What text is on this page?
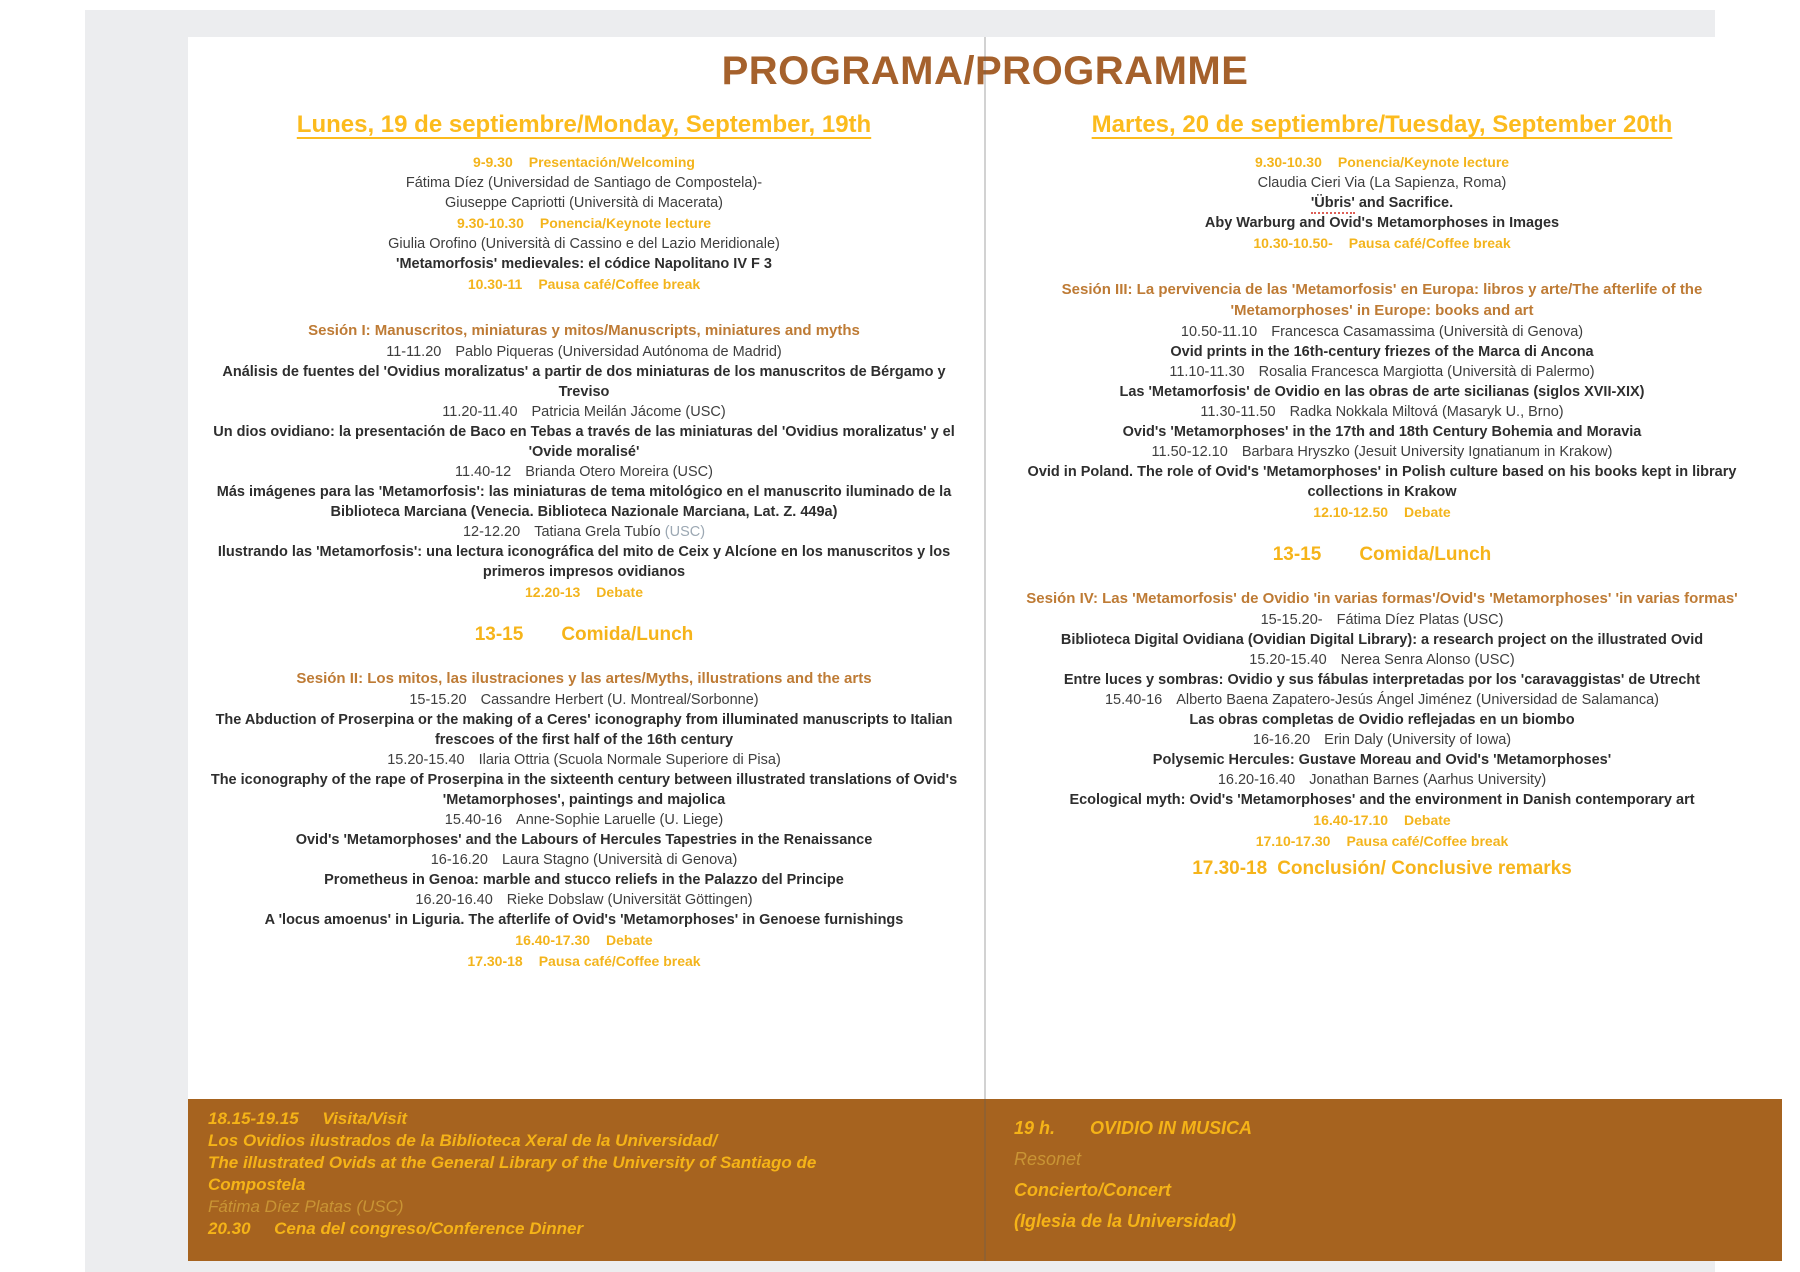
PROGRAMA/PROGRAMME
Lunes, 19 de septiembre/Monday, September, 19th
9-9.30 Presentación/Welcoming
Fátima Díez (Universidad de Santiago de Compostela)-
Giuseppe Capriotti (Università di Macerata)
9.30-10.30 Ponencia/Keynote lecture
Giulia Orofino (Università di Cassino e del Lazio Meridionale)
'Metamorfosis' medievales: el códice Napolitano IV F 3
10.30-11 Pausa café/Coffee break
Sesión I: Manuscritos, miniaturas y mitos/Manuscripts, miniatures and myths
11-11.20 Pablo Piqueras (Universidad Autónoma de Madrid)
Análisis de fuentes del 'Ovidius moralizatus' a partir de dos miniaturas de los manuscritos de Bérgamo y Treviso
11.20-11.40 Patricia Meilán Jácome (USC)
Un dios ovidiano: la presentación de Baco en Tebas a través de las miniaturas del 'Ovidius moralizatus' y el 'Ovide moralisé'
11.40-12 Brianda Otero Moreira (USC)
Más imágenes para las 'Metamorfosis': las miniaturas de tema mitológico en el manuscrito iluminado de la Biblioteca Marciana (Venecia. Biblioteca Nazionale Marciana, Lat. Z. 449a)
12-12.20 Tatiana Grela Tubío (USC)
Ilustrando las 'Metamorfosis': una lectura iconográfica del mito de Ceix y Alcíone en los manuscritos y los primeros impresos ovidianos
12.20-13 Debate
13-15 Comida/Lunch
Sesión II: Los mitos, las ilustraciones y las artes/Myths, illustrations and the arts
15-15.20 Cassandre Herbert (U. Montreal/Sorbonne)
The Abduction of Proserpina or the making of a Ceres' iconography from illuminated manuscripts to Italian frescoes of the first half of the 16th century
15.20-15.40 Ilaria Ottria (Scuola Normale Superiore di Pisa)
The iconography of the rape of Proserpina in the sixteenth century between illustrated translations of Ovid's 'Metamorphoses', paintings and majolica
15.40-16 Anne-Sophie Laruelle (U. Liege)
Ovid's 'Metamorphoses' and the Labours of Hercules Tapestries in the Renaissance
16-16.20 Laura Stagno (Università di Genova)
Prometheus in Genoa: marble and stucco reliefs in the Palazzo del Principe
16.20-16.40 Rieke Dobslaw (Universität Göttingen)
A 'locus amoenus' in Liguria. The afterlife of Ovid's 'Metamorphoses' in Genoese furnishings
16.40-17.30 Debate
17.30-18 Pausa café/Coffee break
Martes, 20 de septiembre/Tuesday, September 20th
9.30-10.30 Ponencia/Keynote lecture
Claudia Cieri Via (La Sapienza, Roma)
'Übris' and Sacrifice.
Aby Warburg and Ovid's Metamorphoses in Images
10.30-10.50- Pausa café/Coffee break
Sesión III: La pervivencia de las 'Metamorfosis' en Europa: libros y arte/The afterlife of the 'Metamorphoses' in Europe: books and art
10.50-11.10 Francesca Casamassima (Università di Genova)
Ovid prints in the 16th-century friezes of the Marca di Ancona
11.10-11.30 Rosalia Francesca Margiotta (Università di Palermo)
Las 'Metamorfosis' de Ovidio en las obras de arte sicilianas (siglos XVII-XIX)
11.30-11.50 Radka Nokkala Miltová (Masaryk U., Brno)
Ovid's 'Metamorphoses' in the 17th and 18th Century Bohemia and Moravia
11.50-12.10 Barbara Hryszko (Jesuit University Ignatianum in Krakow)
Ovid in Poland. The role of Ovid's 'Metamorphoses' in Polish culture based on his books kept in library collections in Krakow
12.10-12.50 Debate
13-15 Comida/Lunch
Sesión IV: Las 'Metamorfosis' de Ovidio 'in varias formas'/Ovid's 'Metamorphoses' 'in varias formas'
15-15.20- Fátima Díez Platas (USC)
Biblioteca Digital Ovidiana (Ovidian Digital Library): a research project on the illustrated Ovid
15.20-15.40 Nerea Senra Alonso (USC)
Entre luces y sombras: Ovidio y sus fábulas interpretadas por los 'caravaggistas' de Utrecht
15.40-16 Alberto Baena Zapatero-Jesús Ángel Jiménez (Universidad de Salamanca)
Las obras completas de Ovidio reflejadas en un biombo
16-16.20 Erin Daly (University of Iowa)
Polysemic Hercules: Gustave Moreau and Ovid's 'Metamorphoses'
16.20-16.40 Jonathan Barnes (Aarhus University)
Ecological myth: Ovid's 'Metamorphoses' and the environment in Danish contemporary art
16.40-17.10 Debate
17.10-17.30 Pausa café/Coffee break
17.30-18 Conclusión/ Conclusive remarks
18.15-19.15     Visita/Visit
Los Ovidios ilustrados de la Biblioteca Xeral de la Universidad/
The illustrated Ovids at the General Library of the University of Santiago de Compostela
Fátima Díez Platas (USC)
20.30     Cena del congreso/Conference Dinner
19 h.       OVIDIO IN MUSICA
Resonet
Concierto/Concert
(Iglesia de la Universidad)
